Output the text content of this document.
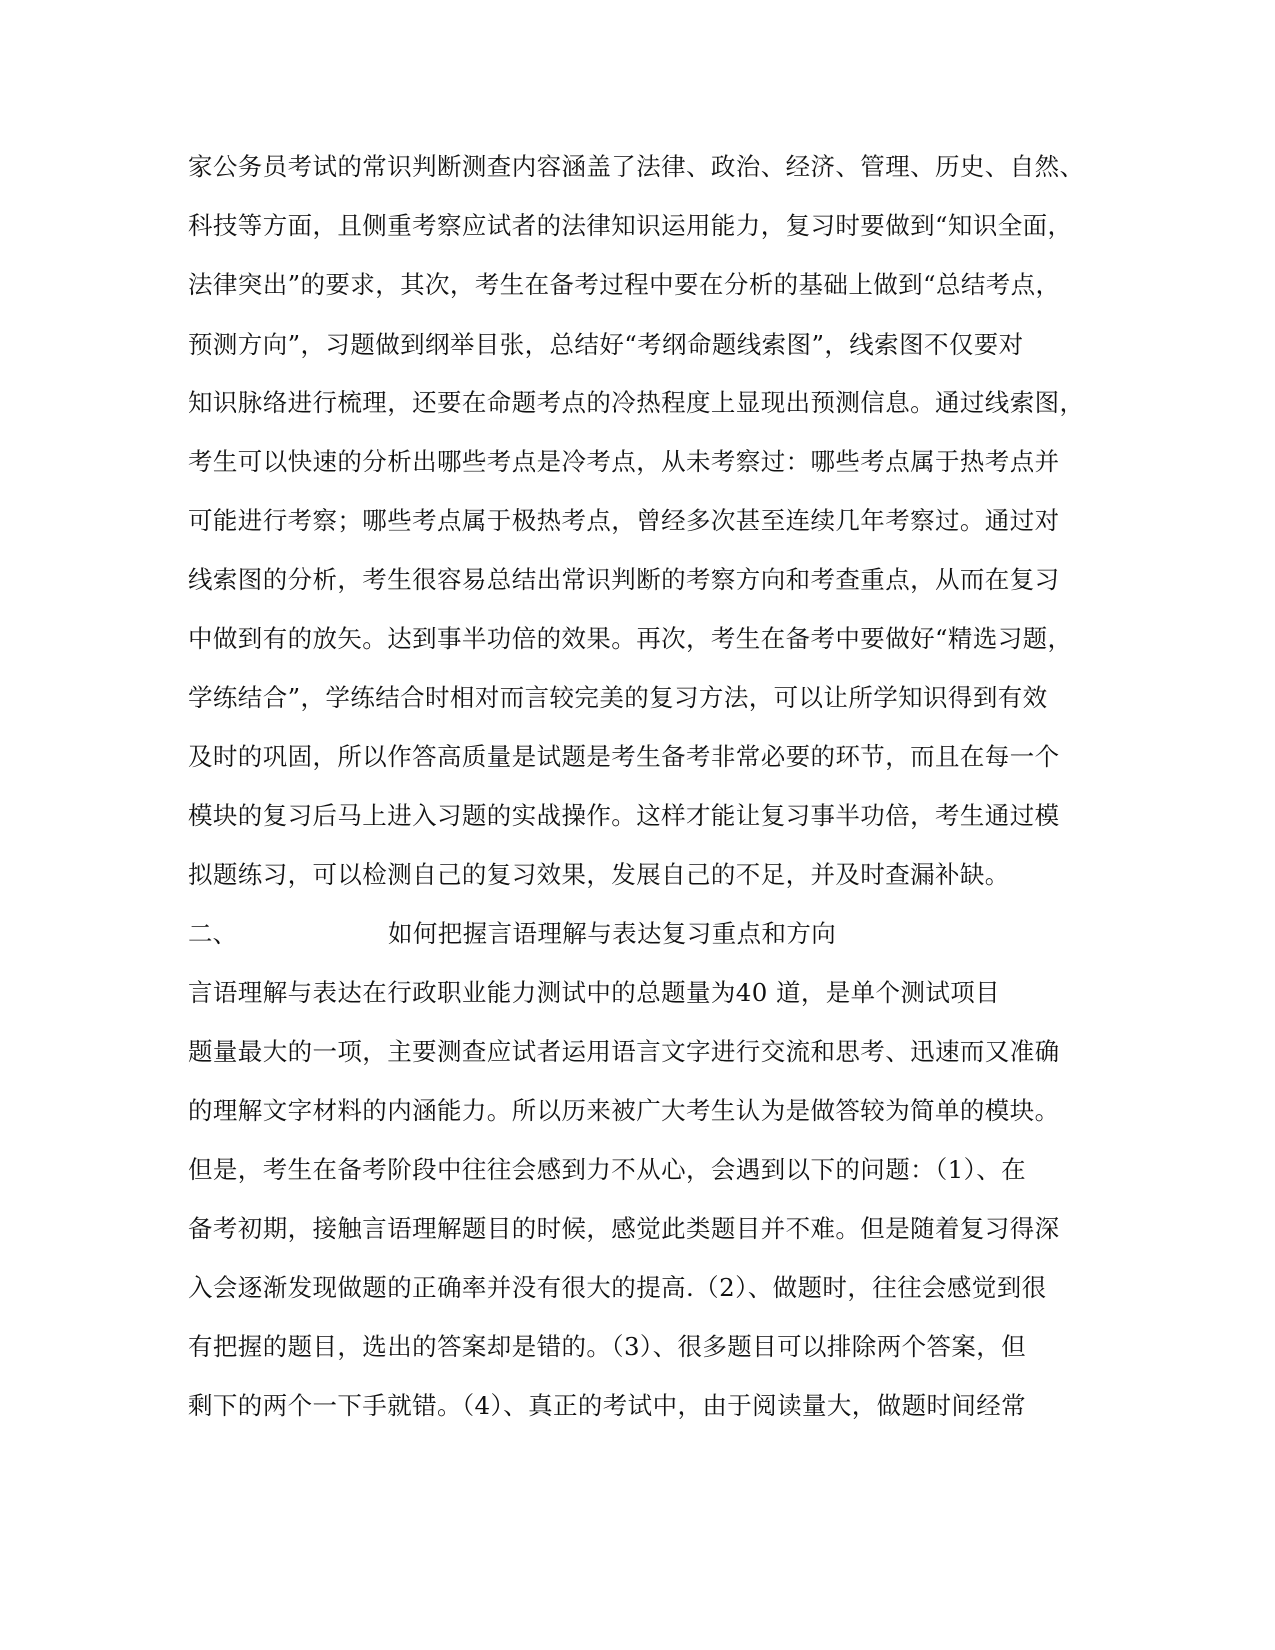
家公务员考试的常识判断测查内容涵盖了法律、政治、经济、管理、历史、自然、
科技等方面，且侧重考察应试者的法律知识运用能力，复习时要做到“知识全面，
法律突出”的要求，其次，考生在备考过程中要在分析的基础上做到“总结考点，
预测方向”，习题做到纲举目张，总结好“考纲命题线索图”，线索图不仅要对
知识脉络进行梳理，还要在命题考点的冷热程度上显现出预测信息。通过线索图，
考生可以快速的分析出哪些考点是冷考点，从未考察过：哪些考点属于热考点并
可能进行考察；哪些考点属于极热考点，曾经多次甚至连续几年考察过。通过对
线索图的分析，考生很容易总结出常识判断的考察方向和考查重点，从而在复习
中做到有的放矢。达到事半功倍的效果。再次，考生在备考中要做好“精选习题，
学练结合”，学练结合时相对而言较完美的复习方法，可以让所学知识得到有效
及时的巩固，所以作答高质量是试题是考生备考非常必要的环节，而且在每一个
模块的复习后马上进入习题的实战操作。这样才能让复习事半功倍，考生通过模
拟题练习，可以检测自己的复习效果，发展自己的不足，并及时查漏补缺。
二、	如何把握言语理解与表达复习重点和方向
言语理解与表达在行政职业能力测试中的总题量为40 道，是单个测试项目
题量最大的一项，主要测查应试者运用语言文字进行交流和思考、迅速而又准确
的理解文字材料的内涵能力。所以历来被广大考生认为是做答较为简单的模块。
但是，考生在备考阶段中往往会感到力不从心，会遇到以下的问题：（1）、在
备考初期，接触言语理解题目的时候，感觉此类题目并不难。但是随着复习得深
入会逐渐发现做题的正确率并没有很大的提高.（2）、做题时，往往会感觉到很
有把握的题目，选出的答案却是错的。（3）、很多题目可以排除两个答案，但
剩下的两个一下手就错。（4）、真正的考试中，由于阅读量大，做题时间经常
